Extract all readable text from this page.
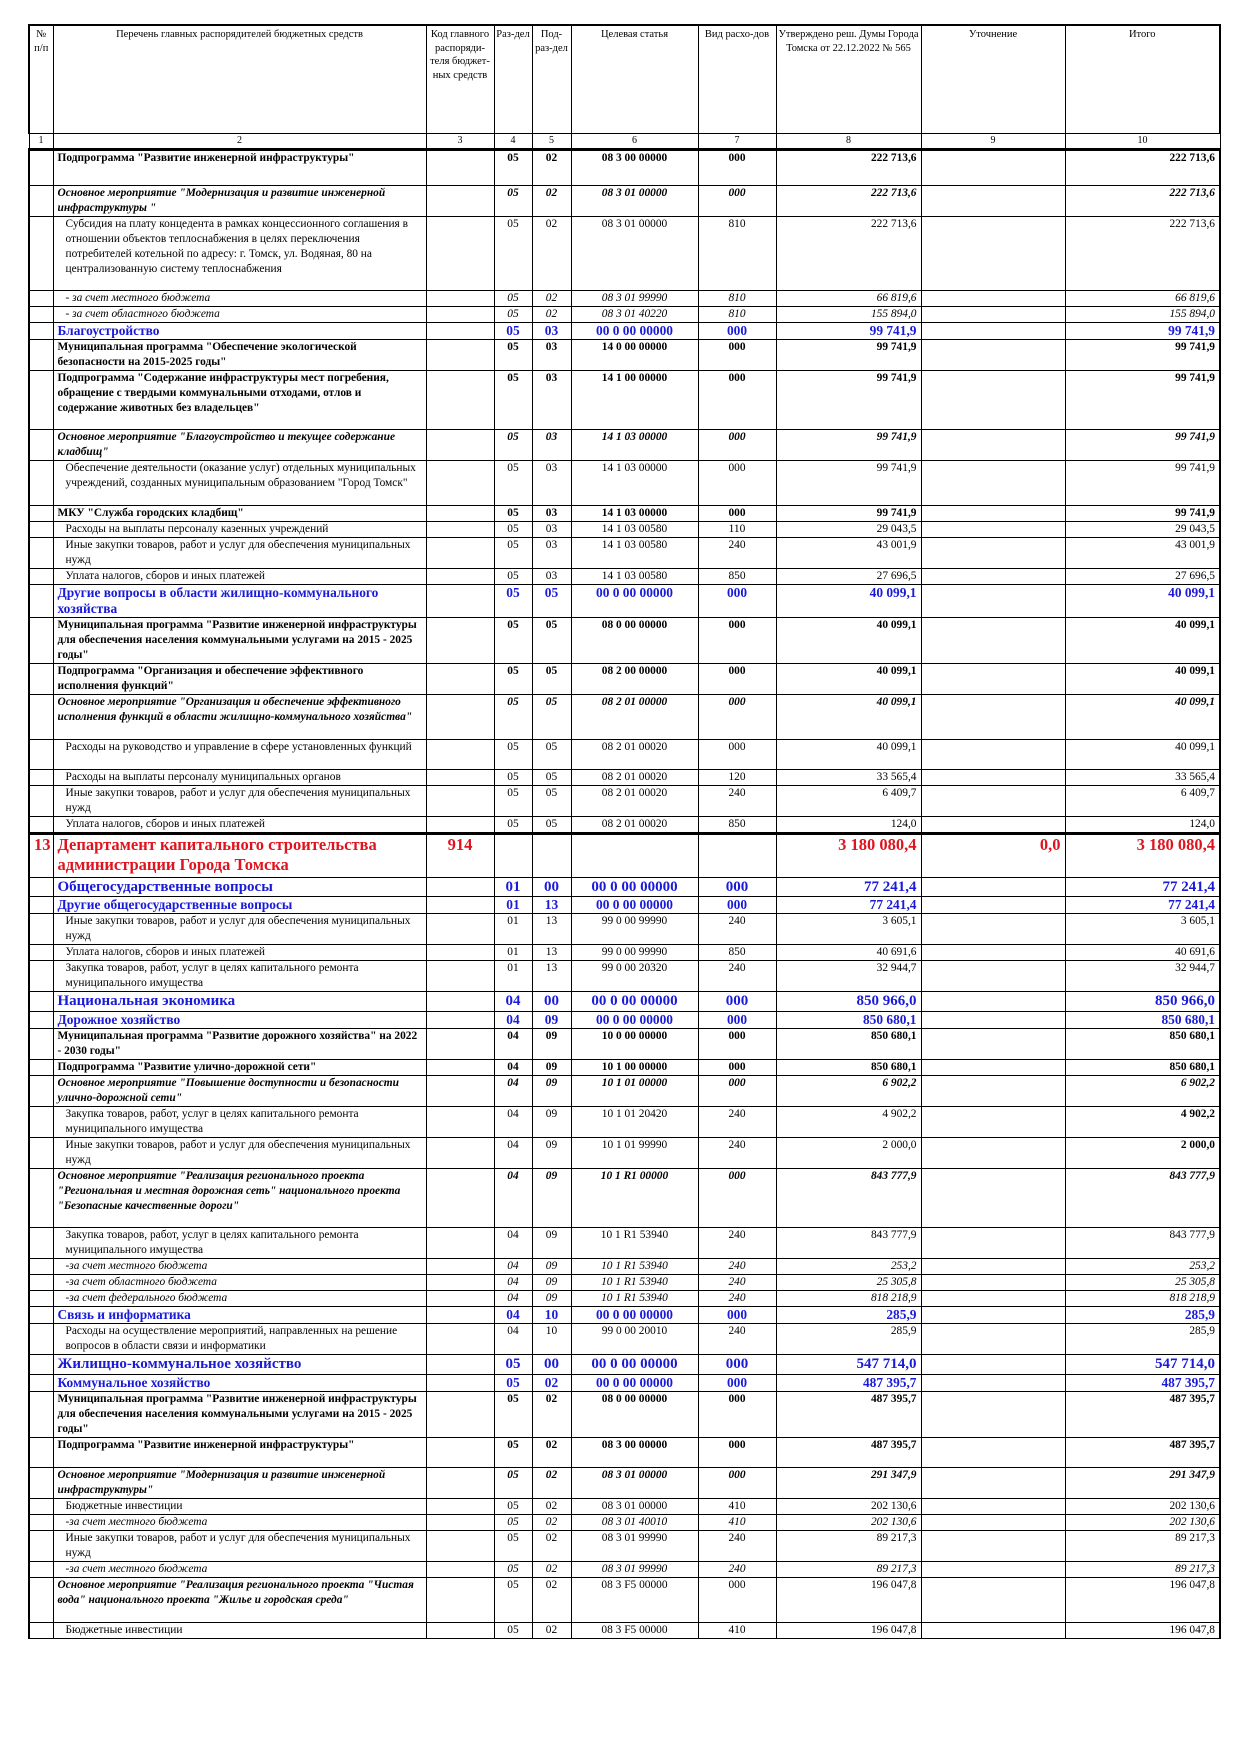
№ п/п	Перечень главных распорядителей бюджетных средств	Код главного распоряди-теля бюджет-ных средств	Раз-дел	Под-раз-дел	Целевая статья	Вид расхо-дов	Утверждено реш. Думы Города Томска от 22.12.2022 № 565	Уточнение	Итого
1	2	3	4	5	6	7	8	9	10
	Подпрограмма "Развитие инженерной инфраструктуры"		05	02	08 3 00 00000	000	222 713,6		222 713,6
	Основное мероприятие "Модернизация и развитие инженерной инфраструктуры "		05	02	08 3 01 00000	000	222 713,6		222 713,6
	Субсидия на плату концедента в рамках концессионного соглашения в отношении объектов теплоснабжения в целях переключения потребителей котельной по адресу: г. Томск, ул. Водяная, 80 на централизованную систему теплоснабжения		05	02	08 3 01 00000	810	222 713,6		222 713,6
	- за счет местного бюджета		05	02	08 3 01 99990	810	66 819,6		66 819,6
	- за счет областного бюджета		05	02	08 3 01 40220	810	155 894,0		155 894,0
	Благоустройство		05	03	00 0 00 00000	000	99 741,9		99 741,9
	Муниципальная программа "Обеспечение экологической безопасности на 2015-2025 годы"		05	03	14 0 00 00000	000	99 741,9		99 741,9
	Подпрограмма "Содержание инфраструктуры мест погребения, обращение с твердыми коммунальными отходами, отлов и содержание животных без владельцев"		05	03	14 1 00 00000	000	99 741,9		99 741,9
	Основное мероприятие "Благоустройство и текущее содержание кладбищ"		05	03	14 1 03 00000	000	99 741,9		99 741,9
	Обеспечение деятельности (оказание услуг) отдельных муниципальных учреждений, созданных муниципальным образованием "Город Томск"		05	03	14 1 03 00000	000	99 741,9		99 741,9
	МКУ "Служба городских кладбищ"		05	03	14 1 03 00000	000	99 741,9		99 741,9
	Расходы на выплаты персоналу казенных учреждений		05	03	14 1 03 00580	110	29 043,5		29 043,5
	Иные закупки товаров, работ и услуг для обеспечения муниципальных нужд		05	03	14 1 03 00580	240	43 001,9		43 001,9
	Уплата налогов, сборов и иных платежей		05	03	14 1 03 00580	850	27 696,5		27 696,5
	Другие вопросы в области жилищно-коммунального хозяйства		05	05	00 0 00 00000	000	40 099,1		40 099,1
	Муниципальная программа "Развитие инженерной инфраструктуры для обеспечения населения коммунальными услугами на 2015 - 2025 годы"		05	05	08 0 00 00000	000	40 099,1		40 099,1
	Подпрограмма "Организация и обеспечение эффективного исполнения функций"		05	05	08 2 00 00000	000	40 099,1		40 099,1
	Основное мероприятие "Организация и обеспечение эффективного исполнения функций в области жилищно-коммунального хозяйства"		05	05	08 2 01 00000	000	40 099,1		40 099,1
	Расходы на руководство и управление в сфере установленных функций		05	05	08 2 01 00020	000	40 099,1		40 099,1
	Расходы на выплаты персоналу муниципальных органов		05	05	08 2 01 00020	120	33 565,4		33 565,4
	Иные закупки товаров, работ и услуг для обеспечения муниципальных нужд		05	05	08 2 01 00020	240	6 409,7		6 409,7
	Уплата налогов, сборов и иных платежей		05	05	08 2 01 00020	850	124,0		124,0
13	Департамент капитального строительства администрации Города Томска	914					3 180 080,4	0,0	3 180 080,4
	Общегосударственные вопросы		01	00	00 0 00 00000	000	77 241,4		77 241,4
	Другие общегосударственные вопросы		01	13	00 0 00 00000	000	77 241,4		77 241,4
	Иные закупки товаров, работ и услуг для обеспечения муниципальных нужд		01	13	99 0 00 99990	240	3 605,1		3 605,1
	Уплата налогов, сборов и иных платежей		01	13	99 0 00 99990	850	40 691,6		40 691,6
	Закупка товаров, работ, услуг в целях капитального ремонта муниципального имущества		01	13	99 0 00 20320	240	32 944,7		32 944,7
	Национальная экономика		04	00	00 0 00 00000	000	850 966,0		850 966,0
	Дорожное хозяйство		04	09	00 0 00 00000	000	850 680,1		850 680,1
	Муниципальная программа "Развитие дорожного хозяйства" на 2022 - 2030 годы"		04	09	10 0 00 00000	000	850 680,1		850 680,1
	Подпрограмма "Развитие улично-дорожной сети"		04	09	10 1 00 00000	000	850 680,1		850 680,1
	Основное мероприятие "Повышение доступности и безопасности улично-дорожной сети"		04	09	10 1 01 00000	000	6 902,2		6 902,2
	Закупка товаров, работ, услуг в целях капитального ремонта муниципального имущества		04	09	10 1 01 20420	240	4 902,2		4 902,2
	Иные закупки товаров, работ и услуг для обеспечения муниципальных нужд		04	09	10 1 01 99990	240	2 000,0		2 000,0
	Основное мероприятие "Реализация регионального проекта "Региональная и местная дорожная сеть" национального проекта "Безопасные качественные дороги"		04	09	10 1 R1 00000	000	843 777,9		843 777,9
	Закупка товаров, работ, услуг в целях капитального ремонта муниципального имущества		04	09	10 1 R1 53940	240	843 777,9		843 777,9
	-за счет местного бюджета		04	09	10 1 R1 53940	240	253,2		253,2
	-за счет областного бюджета		04	09	10 1 R1 53940	240	25 305,8		25 305,8
	-за счет федерального бюджета		04	09	10 1 R1 53940	240	818 218,9		818 218,9
	Связь и информатика		04	10	00 0 00 00000	000	285,9		285,9
	Расходы на осуществление мероприятий, направленных на решение вопросов в области связи и информатики		04	10	99 0 00 20010	240	285,9		285,9
	Жилищно-коммунальное хозяйство		05	00	00 0 00 00000	000	547 714,0		547 714,0
	Коммунальное хозяйство		05	02	00 0 00 00000	000	487 395,7		487 395,7
	Муниципальная программа "Развитие инженерной инфраструктуры для обеспечения населения коммунальными услугами на 2015 - 2025 годы"		05	02	08 0 00 00000	000	487 395,7		487 395,7
	Подпрограмма "Развитие инженерной инфраструктуры"		05	02	08 3 00 00000	000	487 395,7		487 395,7
	Основное мероприятие "Модернизация и развитие инженерной инфраструктуры"		05	02	08 3 01 00000	000	291 347,9		291 347,9
	Бюджетные инвестиции		05	02	08 3 01 00000	410	202 130,6		202 130,6
	-за счет местного бюджета		05	02	08 3 01 40010	410	202 130,6		202 130,6
	Иные закупки товаров, работ и услуг для обеспечения муниципальных нужд		05	02	08 3 01 99990	240	89 217,3		89 217,3
	-за счет местного бюджета		05	02	08 3 01 99990	240	89 217,3		89 217,3
	Основное мероприятие "Реализация регионального проекта "Чистая вода" национального проекта "Жилье и городская среда"		05	02	08 3 F5 00000	000	196 047,8		196 047,8
	Бюджетные инвестиции		05	02	08 3 F5 00000	410	196 047,8		196 047,8
